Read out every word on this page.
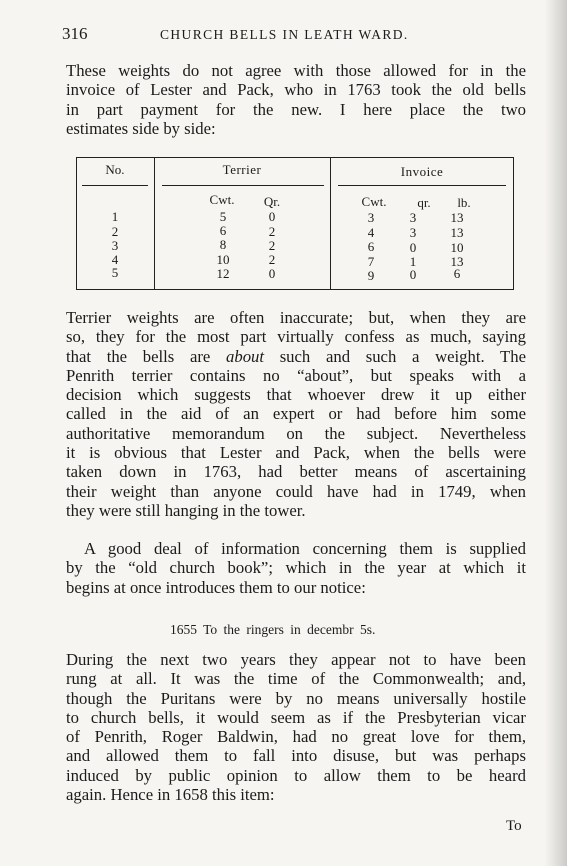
316	CHURCH BELLS IN LEATH WARD.

These weights do not agree with those allowed for in the
invoice of Lester and Pack, who in 1763 took the old bells
in part payment for the new. I here place the two
estimates side by side:

No.	Terrier	Invoice
Cwt.	Qr.	Cwt.	qr.	lb.
1	5	0	3	3	13
2	6	2	4	3	13
3	8	2	6	0	10
4	10	2	7	1	13
5	12	0	9	0	6

Terrier weights are often inaccurate; but, when they are
so, they for the most part virtually confess as much, saying
that the bells are about such and such a weight. The
Penrith terrier contains no “about”, but speaks with a
decision which suggests that whoever drew it up either
called in the aid of an expert or had before him some
authoritative memorandum on the subject. Nevertheless
it is obvious that Lester and Pack, when the bells were
taken down in 1763, had better means of ascertaining
their weight than anyone could have had in 1749, when
they were still hanging in the tower.

A good deal of information concerning them is supplied
by the “old church book”; which in the year at which it
begins at once introduces them to our notice:

1655 To the ringers in decembr 5s.

During the next two years they appear not to have been
rung at all. It was the time of the Commonwealth; and,
though the Puritans were by no means universally hostile
to church bells, it would seem as if the Presbyterian vicar
of Penrith, Roger Baldwin, had no great love for them,
and allowed them to fall into disuse, but was perhaps
induced by public opinion to allow them to be heard
again. Hence in 1658 this item:

To
